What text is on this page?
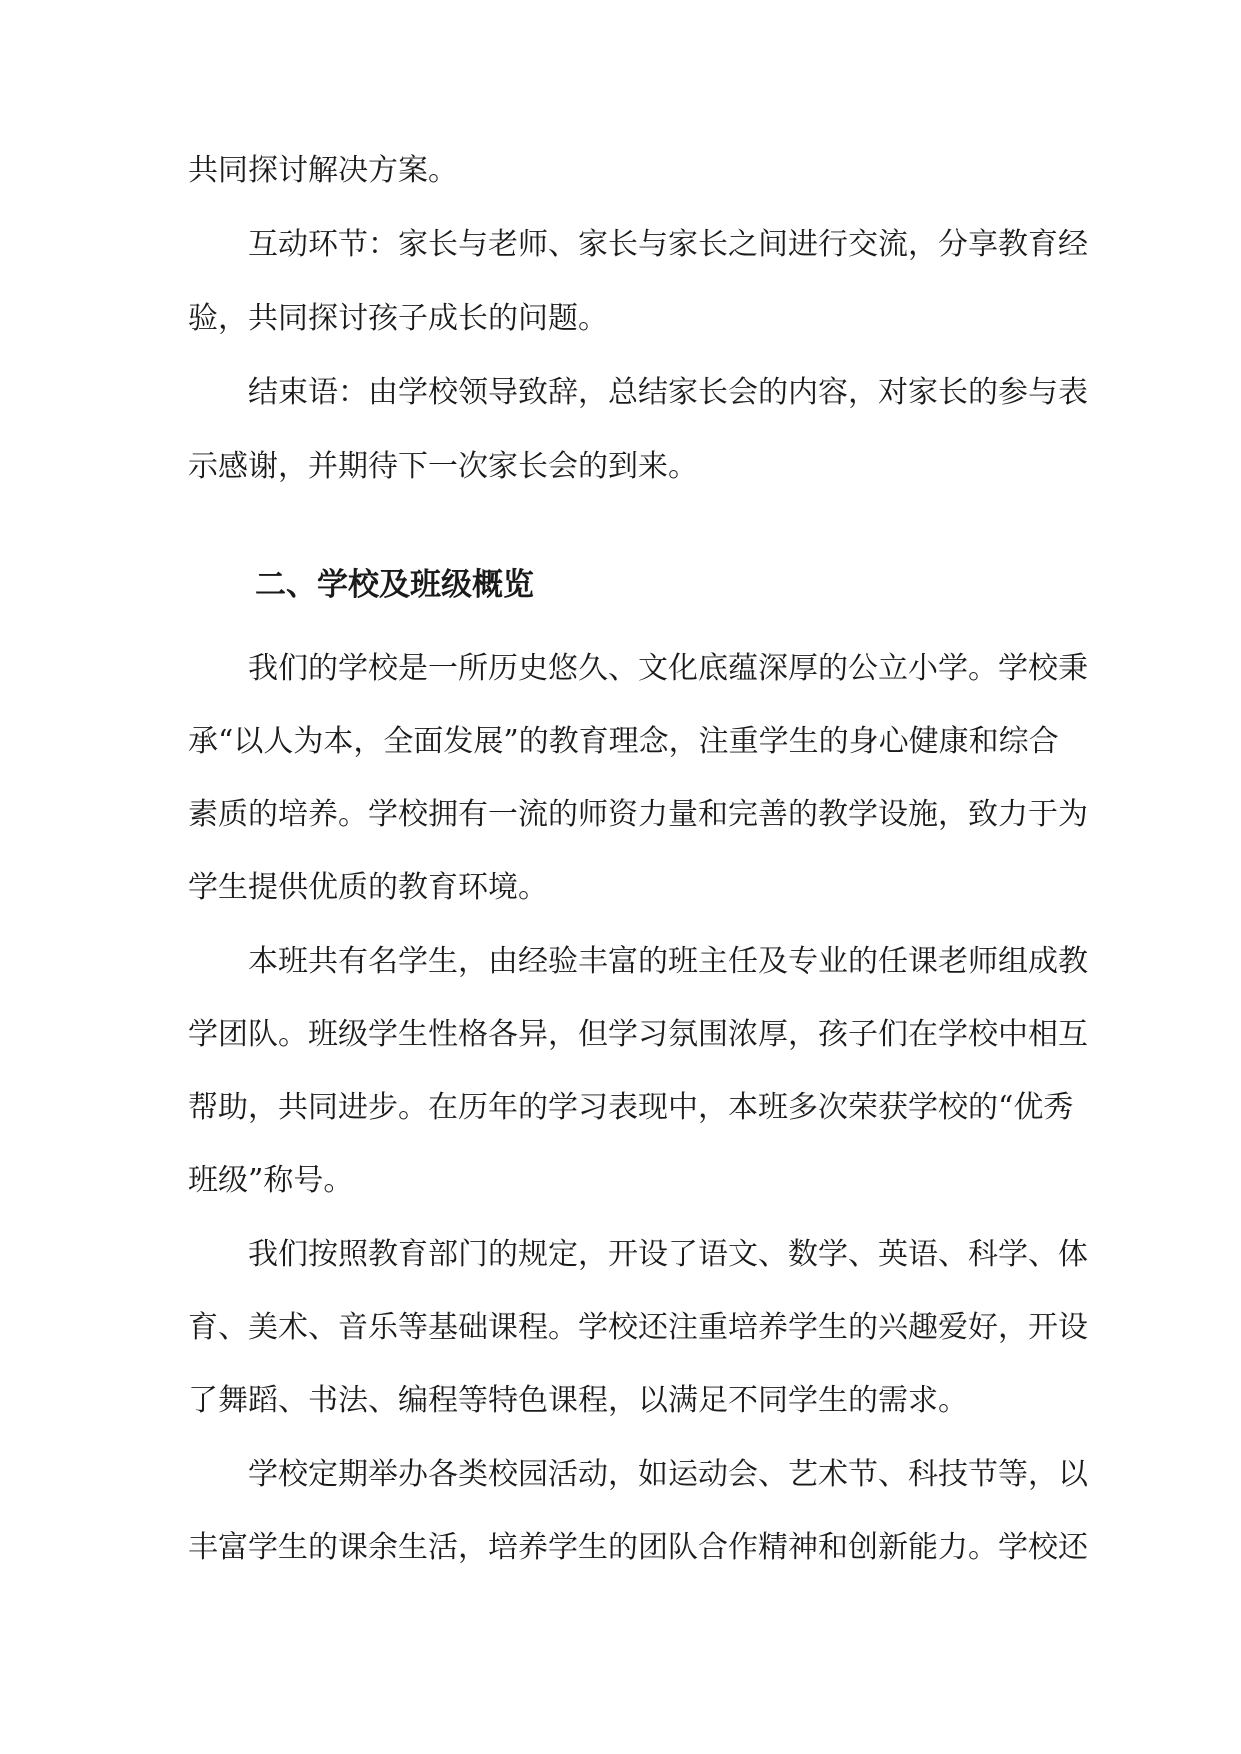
共同探讨解决方案。
互动环节：家长与老师、家长与家长之间进行交流，分享教育经
验，共同探讨孩子成长的问题。
结束语：由学校领导致辞，总结家长会的内容，对家长的参与表
示感谢，并期待下一次家长会的到来。
二、学校及班级概览
我们的学校是一所历史悠久、文化底蕴深厚的公立小学。学校秉
承“以人为本，全面发展”的教育理念，注重学生的身心健康和综合
素质的培养。学校拥有一流的师资力量和完善的教学设施，致力于为
学生提供优质的教育环境。
本班共有名学生，由经验丰富的班主任及专业的任课老师组成教
学团队。班级学生性格各异，但学习氛围浓厚，孩子们在学校中相互
帮助，共同进步。在历年的学习表现中，本班多次荣获学校的“优秀
班级”称号。
我们按照教育部门的规定，开设了语文、数学、英语、科学、体
育、美术、音乐等基础课程。学校还注重培养学生的兴趣爱好，开设
了舞蹈、书法、编程等特色课程，以满足不同学生的需求。
学校定期举办各类校园活动，如运动会、艺术节、科技节等，以
丰富学生的课余生活，培养学生的团队合作精神和创新能力。学校还
